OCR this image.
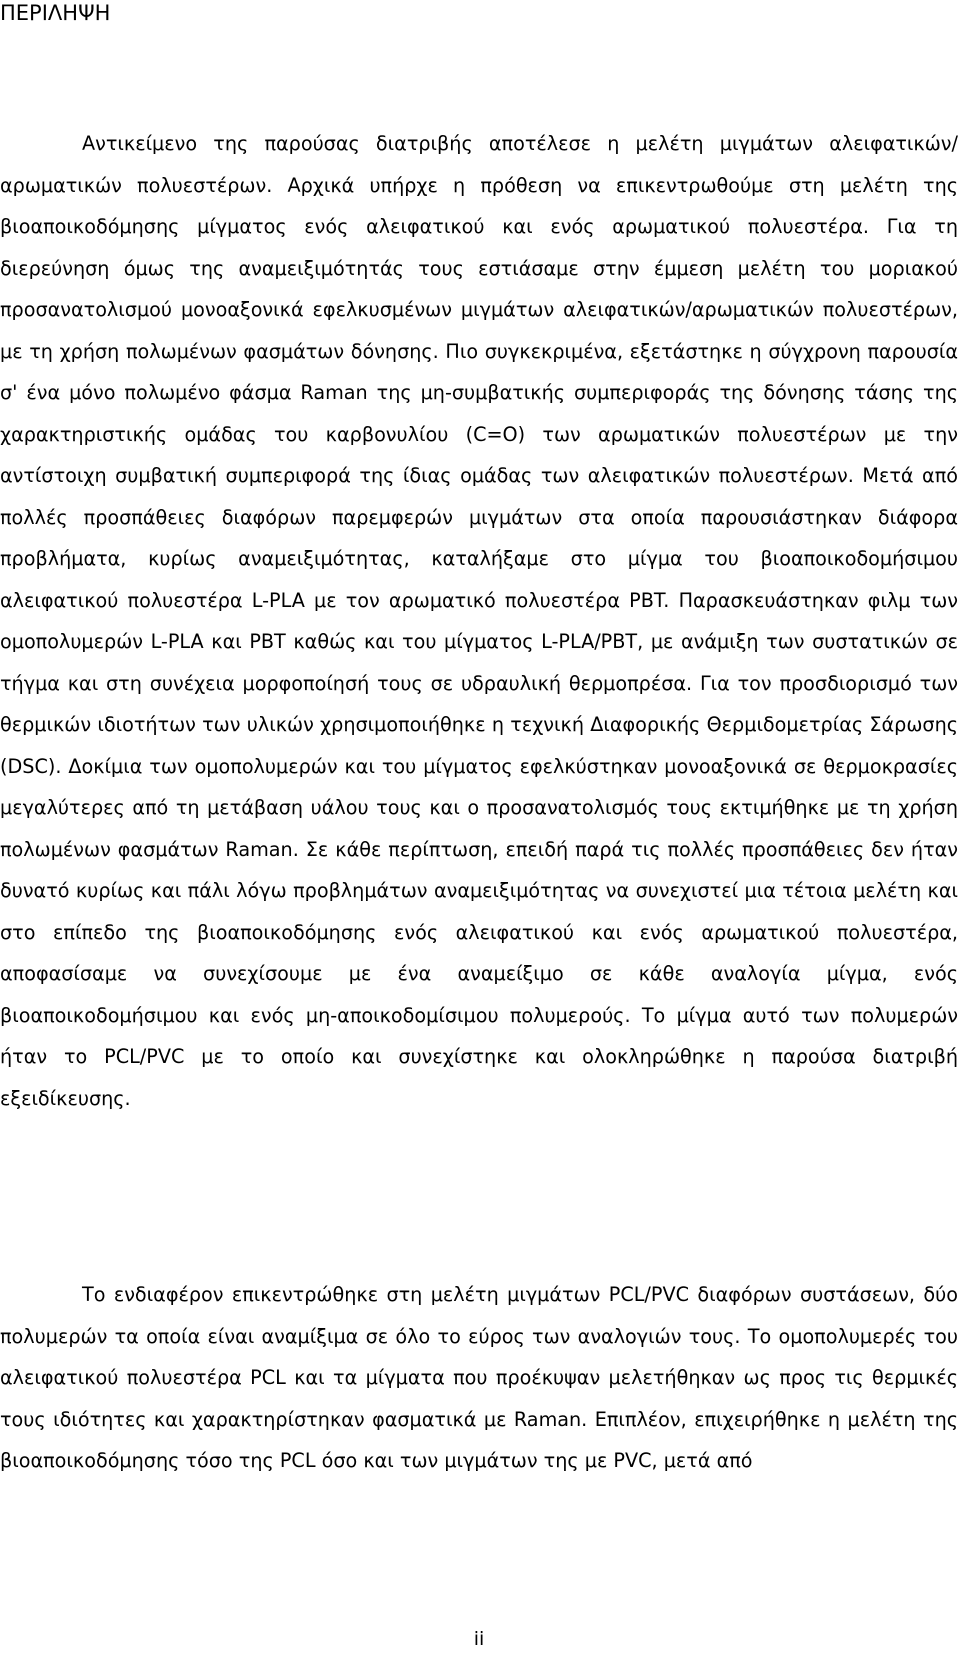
ΠΕΡΙΛΗΨΗ

Αντικείμενο της παρούσας διατριβής αποτέλεσε η μελέτη μιγμάτων αλειφατικών/αρωματικών πολυεστέρων. Αρχικά υπήρχε η πρόθεση να επικεντρωθούμε στη μελέτη της βιοαποικοδόμησης μίγματος ενός αλειφατικού και ενός αρωματικού πολυεστέρα. Για τη διερεύνηση όμως της αναμειξιμότητάς τους εστιάσαμε στην έμμεση μελέτη του μοριακού προσανατολισμού μονοαξονικά εφελκυσμένων μιγμάτων αλειφατικών/αρωματικών πολυεστέρων, με τη χρήση πολωμένων φασμάτων δόνησης. Πιο συγκεκριμένα, εξετάστηκε η σύγχρονη παρουσία σ' ένα μόνο πολωμένο φάσμα Raman της μη-συμβατικής συμπεριφοράς της δόνησης τάσης της χαρακτηριστικής ομάδας του καρβονυλίου (C=O) των αρωματικών πολυεστέρων με την αντίστοιχη συμβατική συμπεριφορά της ίδιας ομάδας των αλειφατικών πολυεστέρων. Μετά από πολλές προσπάθειες διαφόρων παρεμφερών μιγμάτων στα οποία παρουσιάστηκαν διάφορα προβλήματα, κυρίως αναμειξιμότητας, καταλήξαμε στο μίγμα του βιοαποικοδομήσιμου αλειφατικού πολυεστέρα L-PLA με τον αρωματικό πολυεστέρα PBT. Παρασκευάστηκαν φιλμ των ομοπολυμερών L-PLA και PBT καθώς και του μίγματος L-PLA/PBT, με ανάμιξη των συστατικών σε τήγμα και στη συνέχεια μορφοποίησή τους σε υδραυλική θερμοπρέσα. Για τον προσδιορισμό των θερμικών ιδιοτήτων των υλικών χρησιμοποιήθηκε η τεχνική Διαφορικής Θερμιδομετρίας Σάρωσης (DSC). Δοκίμια των ομοπολυμερών και του μίγματος εφελκύστηκαν μονοαξονικά σε θερμοκρασίες μεγαλύτερες από τη μετάβαση υάλου τους και ο προσανατολισμός τους εκτιμήθηκε με τη χρήση πολωμένων φασμάτων Raman. Σε κάθε περίπτωση, επειδή παρά τις πολλές προσπάθειες δεν ήταν δυνατό κυρίως και πάλι λόγω προβλημάτων αναμειξιμότητας να συνεχιστεί μια τέτοια μελέτη και στο επίπεδο της βιοαποικοδόμησης ενός αλειφατικού και ενός αρωματικού πολυεστέρα, αποφασίσαμε να συνεχίσουμε με ένα αναμείξιμο σε κάθε αναλογία μίγμα, ενός βιοαποικοδομήσιμου και ενός μη-αποικοδομίσιμου πολυμερούς. Το μίγμα αυτό των πολυμερών ήταν το PCL/PVC με το οποίο και συνεχίστηκε και ολοκληρώθηκε η παρούσα διατριβή εξειδίκευσης.

Το ενδιαφέρον επικεντρώθηκε στη μελέτη μιγμάτων PCL/PVC διαφόρων συστάσεων, δύο πολυμερών τα οποία είναι αναμίξιμα σε όλο το εύρος των αναλογιών τους. Το ομοπολυμερές του αλειφατικού πολυεστέρα PCL και τα μίγματα που προέκυψαν μελετήθηκαν ως προς τις θερμικές τους ιδιότητες και χαρακτηρίστηκαν φασματικά με Raman. Επιπλέον, επιχειρήθηκε η μελέτη της βιοαποικοδόμησης τόσο της PCL όσο και των μιγμάτων της με PVC, μετά από

ii
